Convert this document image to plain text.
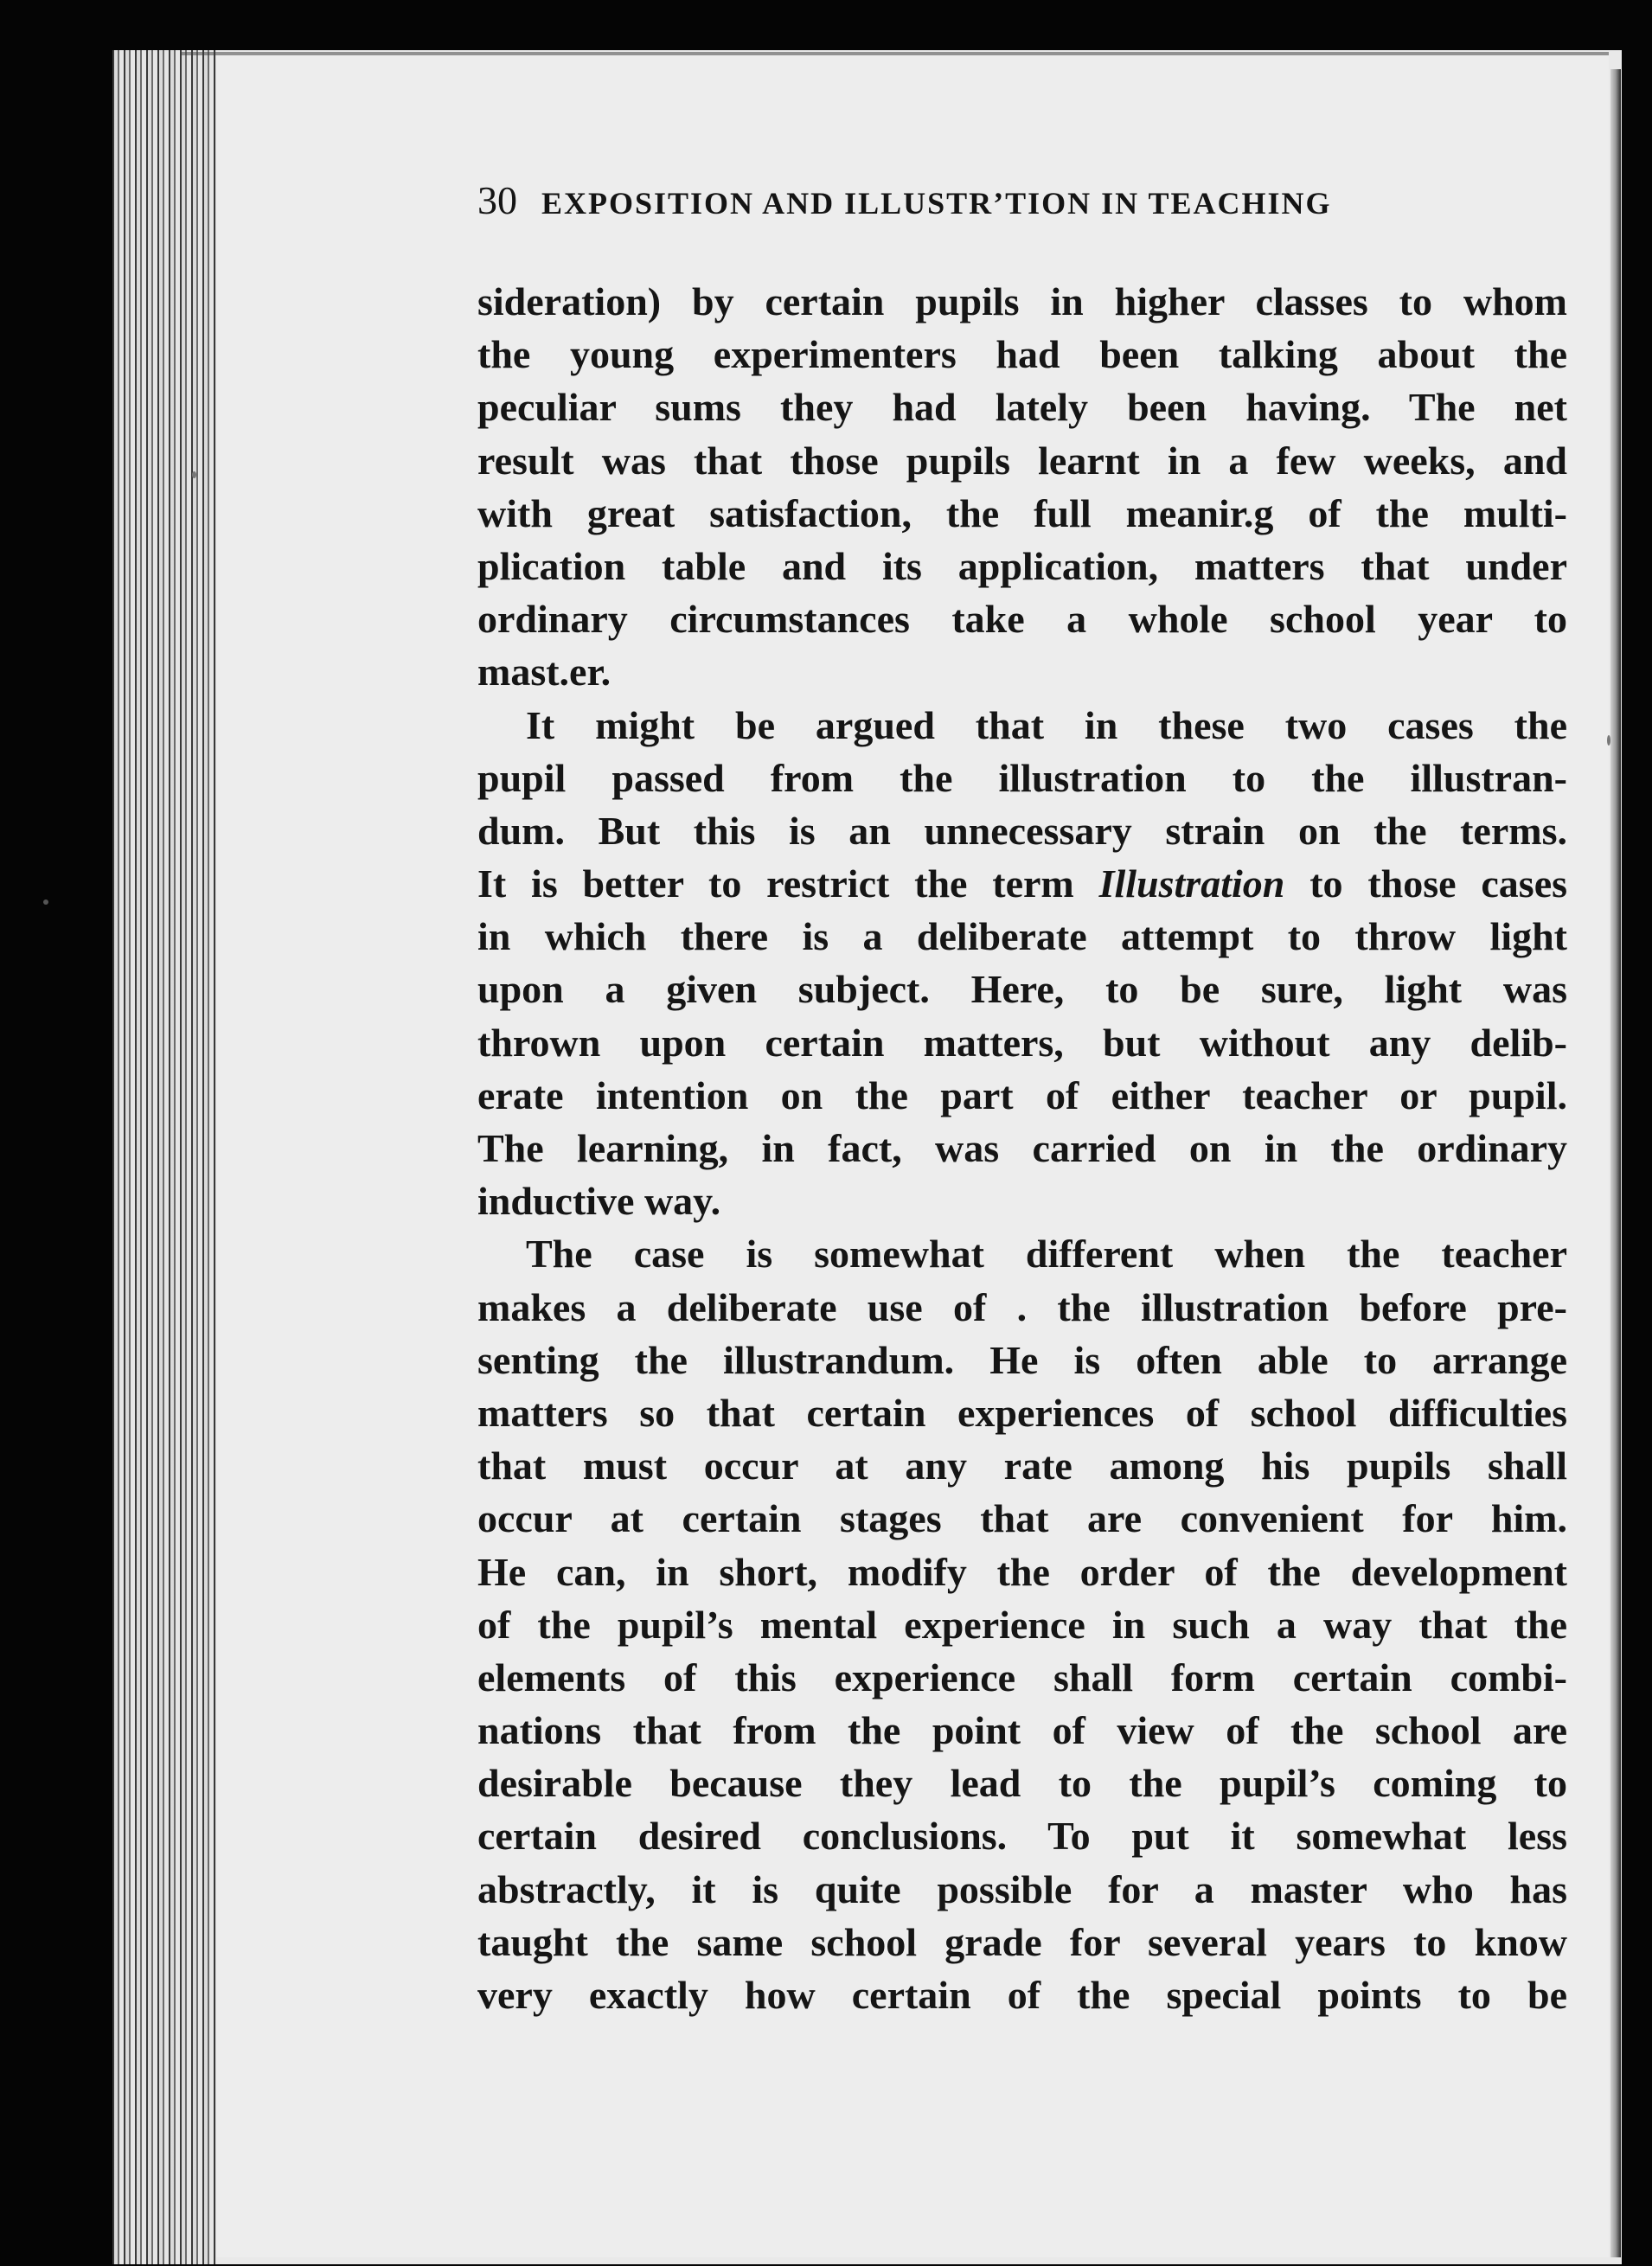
30 EXPOSITION AND ILLUSTR’TION IN TEACHING
sideration) by certain pupils in higher classes to whom
the young experimenters had been talking about the
peculiar sums they had lately been having. The net
result was that those pupils learnt in a few weeks, and
with great satisfaction, the full meanir.g of the multi-
plication table and its application, matters that under
ordinary circumstances take a whole school year to
mast.er.
It might be argued that in these two cases the
pupil passed from the illustration to the illustran-
dum. But this is an unnecessary strain on the terms.
It is better to restrict the term Illustration to those cases
in which there is a deliberate attempt to throw light
upon a given subject. Here, to be sure, light was
thrown upon certain matters, but without any delib-
erate intention on the part of either teacher or pupil.
The learning, in fact, was carried on in the ordinary
inductive way.
The case is somewhat different when the teacher
makes a deliberate use of . the illustration before pre-
senting the illustrandum. He is often able to arrange
matters so that certain experiences of school difficulties
that must occur at any rate among his pupils shall
occur at certain stages that are convenient for him.
He can, in short, modify the order of the development
of the pupil’s mental experience in such a way that the
elements of this experience shall form certain combi-
nations that from the point of view of the school are
desirable because they lead to the pupil’s coming to
certain desired conclusions. To put it somewhat less
abstractly, it is quite possible for a master who has
taught the same school grade for several years to know
very exactly how certain of the special points to be
